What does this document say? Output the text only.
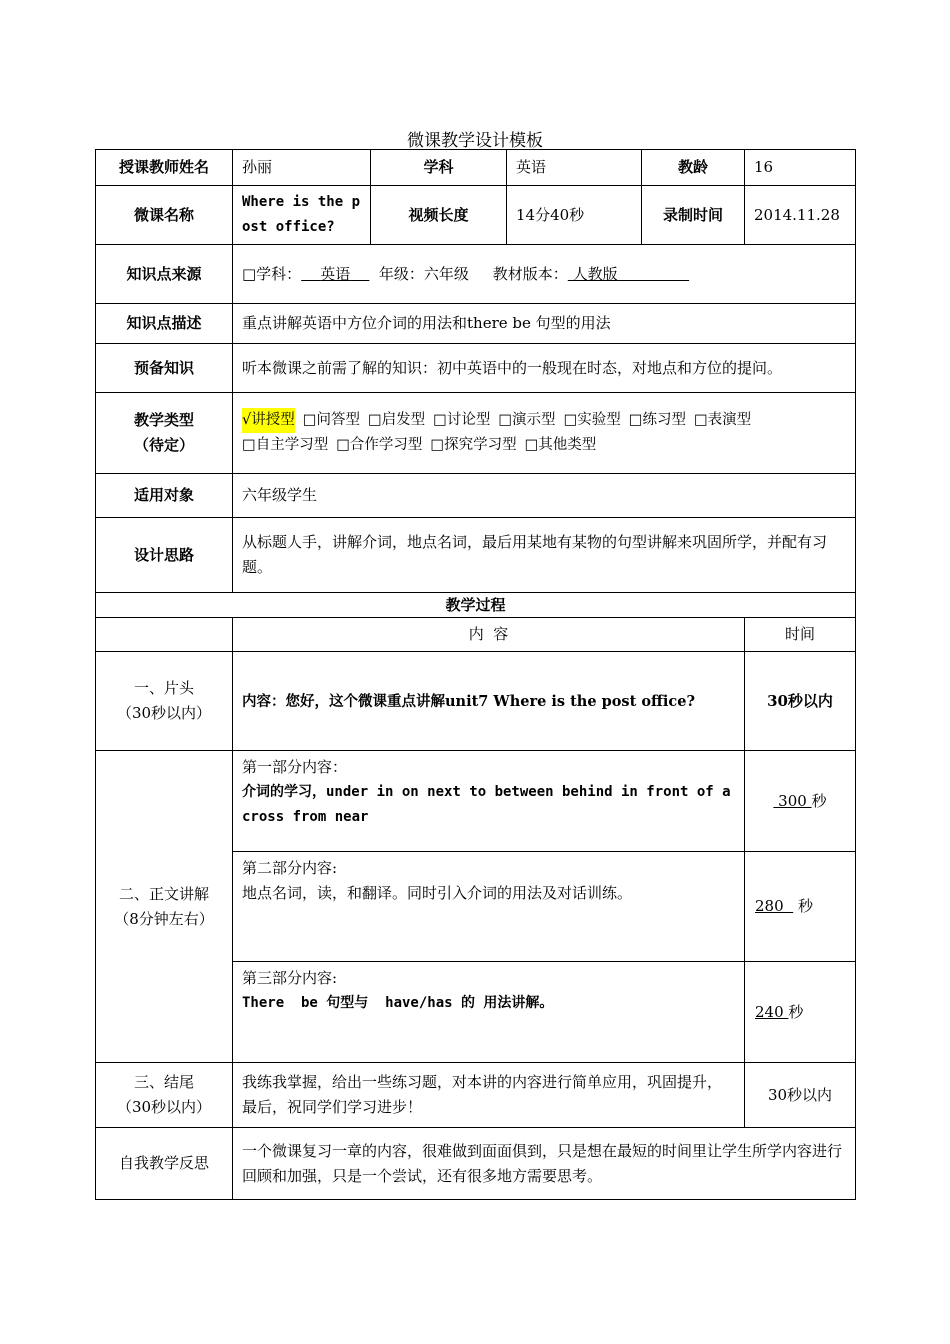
微课教学设计模板
授课教师姓名	孙丽	学科	英语	教龄	16
微课名称	Where is the post office?	视频长度	14分40秒	录制时间	2014.11.28
知识点来源	□学科： 英语 年级：六年级 教材版本： 人教版				
知识点描述	重点讲解英语中方位介词的用法和there be 句型的用法				
预备知识	听本微课之前需了解的知识：初中英语中的一般现在时态，对地点和方位的提问。				

教学类型
（待定）	√讲授型 □问答型 □启发型 □讨论型 □演示型 □实验型 □练习型 □表演型
□自主学习型 □合作学习型 □探究学习型 □其他类型				
适用对象	六年级学生				
设计思路	从标题人手，讲解介词，地点名词，最后用某地有某物的句型讲解来巩固所学，并配有习题。				
教学过程					
	内  容				时间

一、片头
（30秒以内）	内容：您好，这个微课重点讲解unit7 Where is the post office?				30秒以内

二、正文讲解
（8分钟左右）	第一部分内容：
介词的学习，under in on next to between behind in front of across from near				300 秒

	第二部分内容:
地点名词，读，和翻译。同时引入介词的用法及对话训练。				280   秒

	第三部分内容:
There  be 句型与  have/has 的 用法讲解。				240 秒

三、结尾
（30秒以内）	我练我掌握，给出一些练习题，对本讲的内容进行简单应用，巩固提升，最后，祝同学们学习进步！				30秒以内
自我教学反思	一个微课复习一章的内容，很难做到面面俱到，只是想在最短的时间里让学生所学内容进行回顾和加强，只是一个尝试，还有很多地方需要思考。				
